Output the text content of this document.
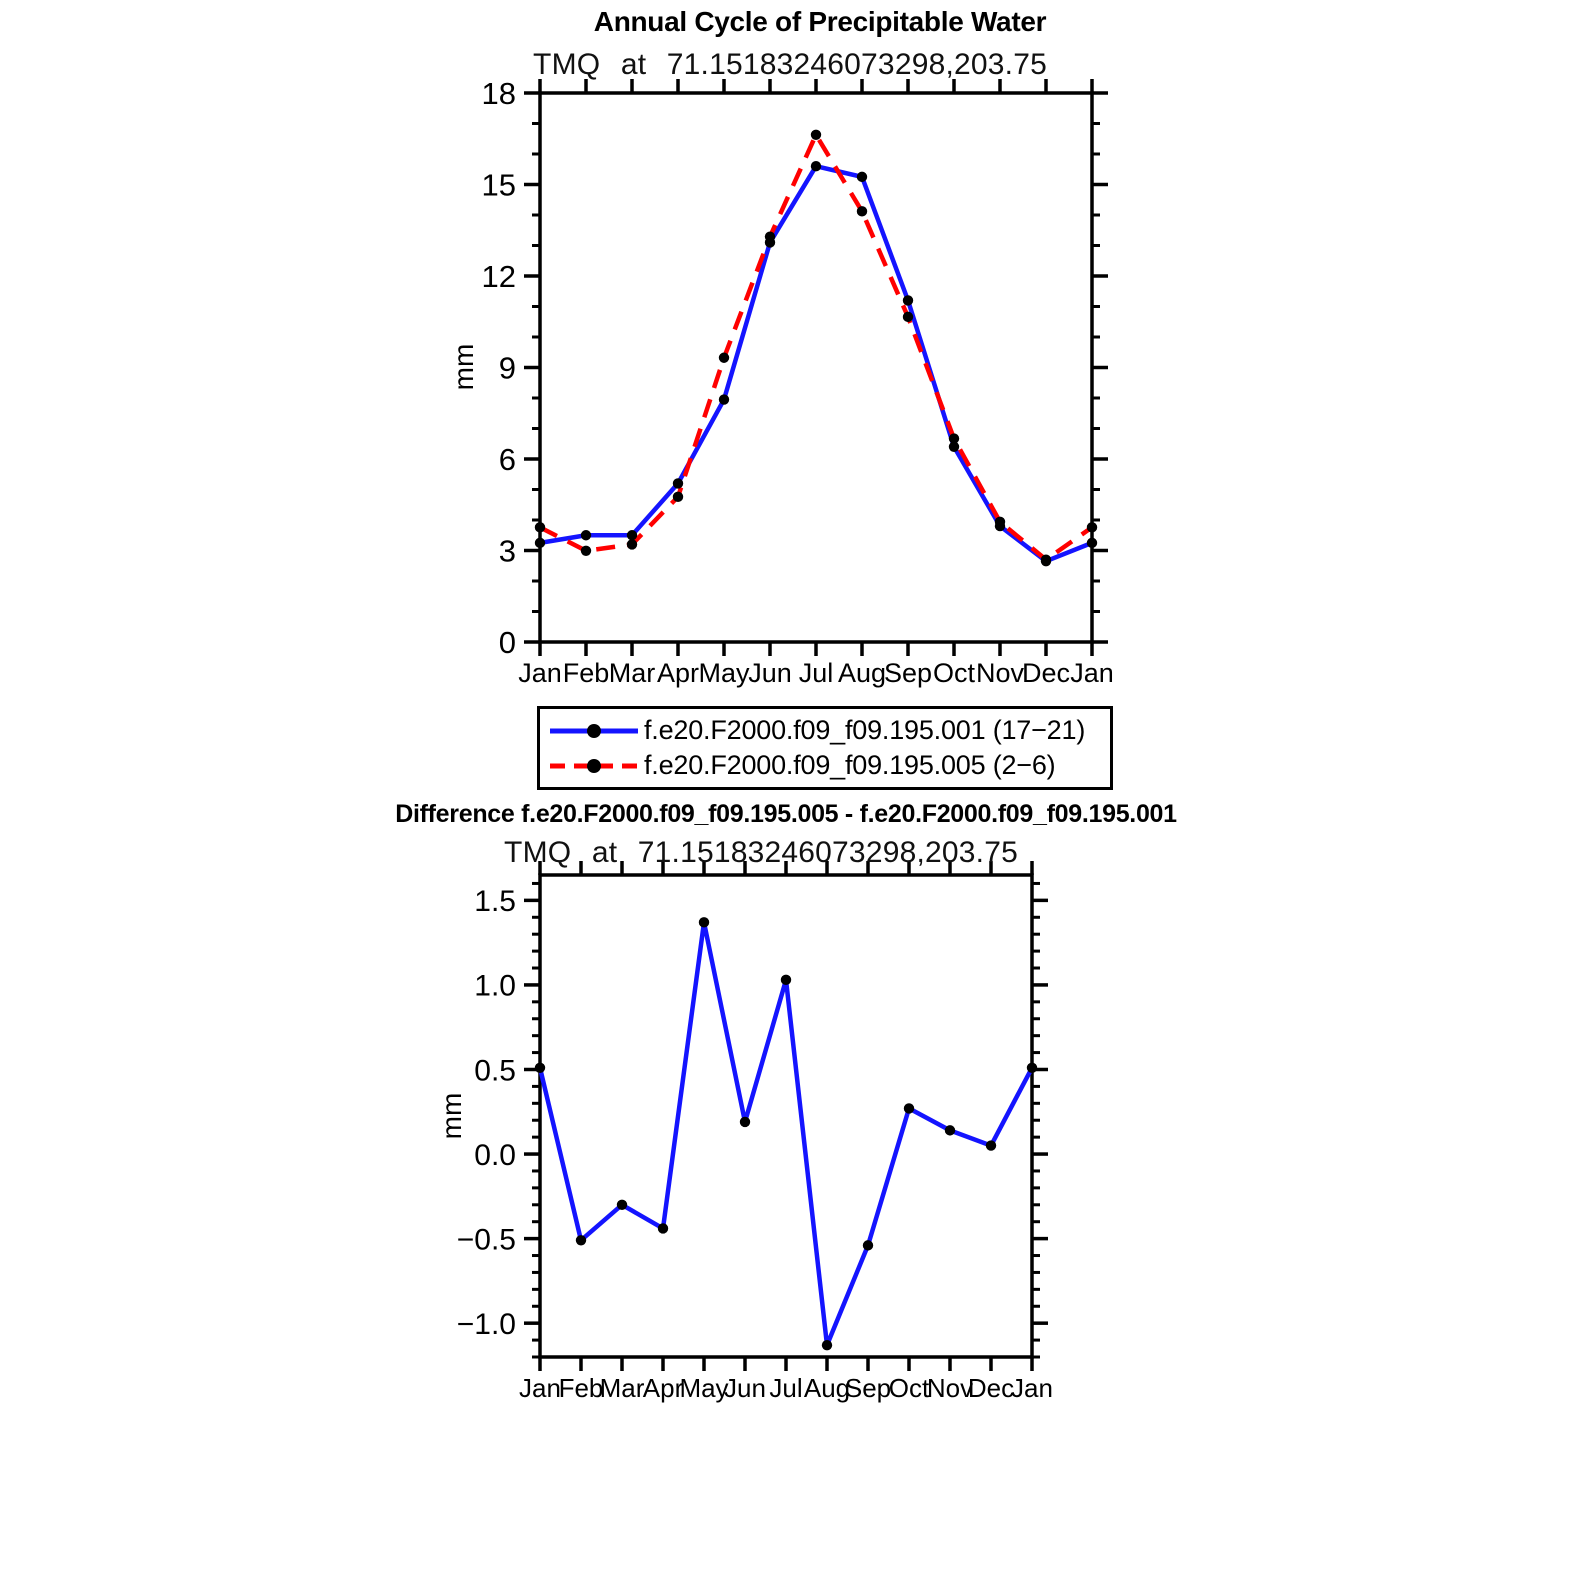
Jan Feb Mar Apr May
Jun Jul Aug
Sep Oct Nov
Dec Jan
0
3
6
9
12
15
18
Jan
Feb
Mar
Apr
May
Jun Jul Aug
Sep
Oct
Nov
Dec
Jan
−1.0
−0.5
0.0
0.5
1.0
1.5
Annual Cycle of Precipitable Water
TMQ at 71.15183246073298,203.75
mm
f.e20.F2000.f09_f09.195.001 (17−21)
f.e20.F2000.f09_f09.195.005 (2−6)
Difference f.e20.F2000.f09_f09.195.005 - f.e20.F2000.f09_f09.195.001
TMQ at 71.15183246073298,203.75
mm
